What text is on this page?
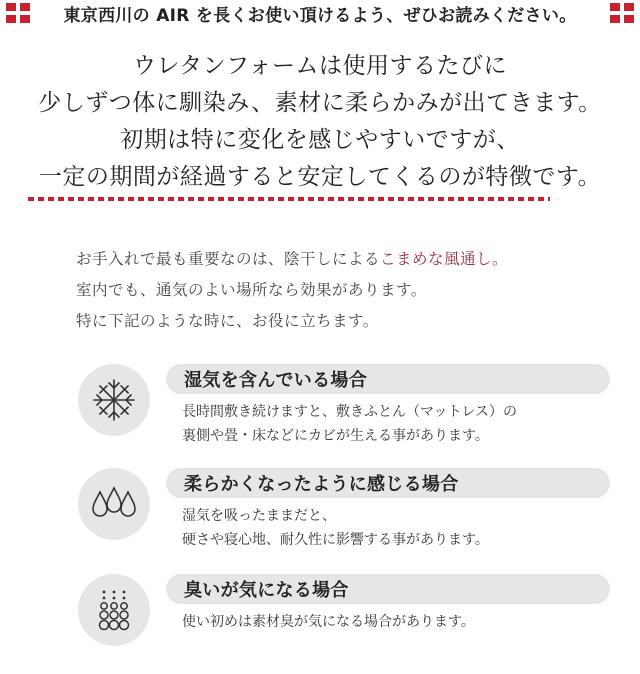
東京西川の AIR を長くお使い頂けるよう、ぜひお読みください。
ウレタンフォームは使用するたびに
少しずつ体に馴染み、素材に柔らかみが出てきます。
初期は特に変化を感じやすいですが、
一定の期間が経過すると安定してくるのが特徴です。
お手入れで最も重要なのは、陰干しによるこまめな風通し。
室内でも、通気のよい場所なら効果があります。
特に下記のような時に、お役に立ちます。
湿気を含んでいる場合
長時間敷き続けますと、敷きふとん（マットレス）の
裏側や畳・床などにカビが生える事があります。
柔らかくなったように感じる場合
湿気を吸ったままだと、
硬さや寝心地、耐久性に影響する事があります。
臭いが気になる場合
使い初めは素材臭が気になる場合があります。
